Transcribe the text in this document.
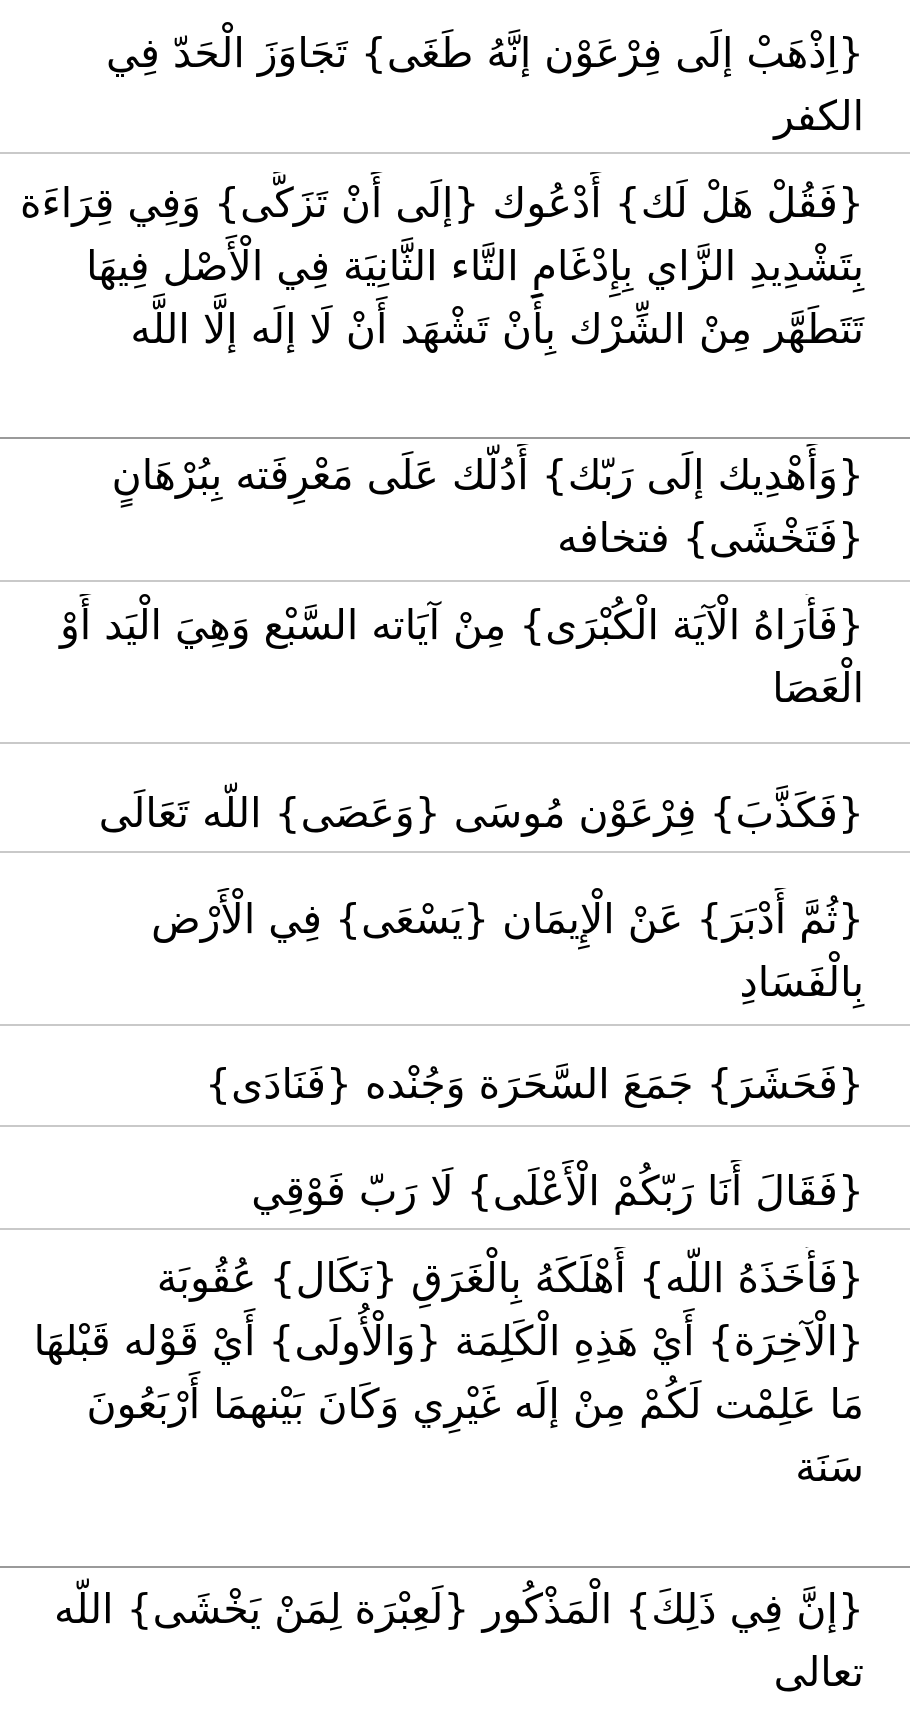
{اِذْهَبْ إلَى فِرْعَوْن إنَّهُ طَغَى} تَجَاوَزَ الْحَدّ فِي الكفر
{فَقُلْ هَلْ لَك} أَدْعُوك {إلَى أَنْ تَزَكَّى} وَفِي قِرَاءَة بِتَشْدِيدِ الزَّاي بِإِدْغَامِ التَّاء الثَّانِيَة فِي الْأَصْل فِيهَا تَتَطَهَّر مِنْ الشِّرْك بِأَنْ تَشْهَد أَنْ لَا إلَه إلَّا اللَّه
{وَأَهْدِيك إلَى رَبّك} أَدُلّك عَلَى مَعْرِفَته بِبُرْهَانٍ {فَتَخْشَى} فتخافه
{فَأَرَاهُ الْآيَة الْكُبْرَى} مِنْ آيَاته السَّبْع وَهِيَ الْيَد أَوْ الْعَصَا
{فَكَذَّبَ} فِرْعَوْن مُوسَى {وَعَصَى} اللَّه تَعَالَى
{ثُمَّ أَدْبَرَ} عَنْ الْإِيمَان {يَسْعَى} فِي الْأَرْض بِالْفَسَادِ
{فَحَشَرَ} جَمَعَ السَّحَرَة وَجُنْده {فَنَادَى}
{فَقَالَ أَنَا رَبّكُمْ الْأَعْلَى} لَا رَبّ فَوْقِي
{فَأَخَذَهُ اللَّه} أَهْلَكَهُ بِالْغَرَقِ {نَكَال} عُقُوبَة {الْآخِرَة} أَيْ هَذِهِ الْكَلِمَة {وَالْأُولَى} أَيْ قَوْله قَبْلهَا مَا عَلِمْت لَكُمْ مِنْ إلَه غَيْرِي وَكَانَ بَيْنهمَا أَرْبَعُونَ سَنَة
{إنَّ فِي ذَلِكَ} الْمَذْكُور {لَعِبْرَة لِمَنْ يَخْشَى} اللَّه تعالى
